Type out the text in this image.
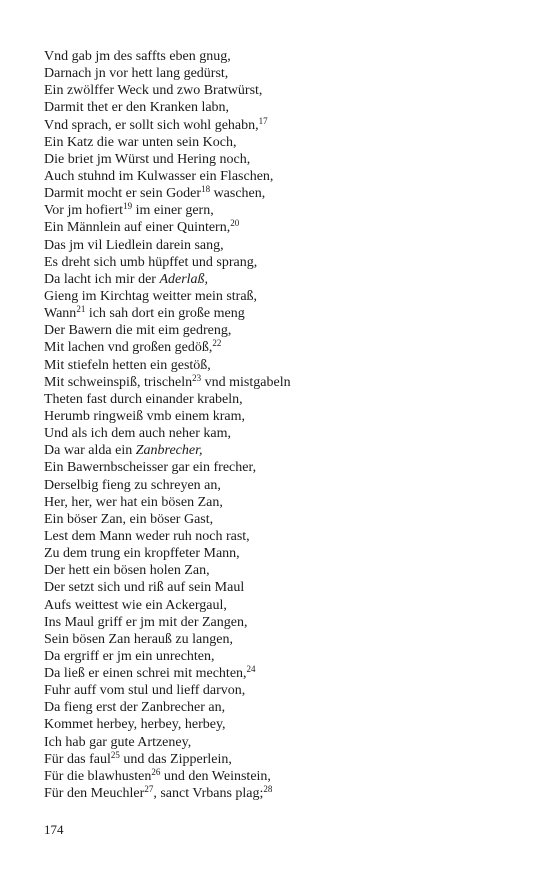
Vnd gab jm des saffts eben gnug,
Darnach jn vor hett lang gedürst,
Ein zwölffer Weck und zwo Bratwürst,
Darmit thet er den Kranken labn,
Vnd sprach, er sollt sich wohl gehabn,$^{17}$
Ein Katz die war unten sein Koch,
Die briet jm Würst und Hering noch,
Auch stuhnd im Kulwasser ein Flaschen,
Darmit mocht er sein Goder$^{18}$ waschen,
Vor jm hofiert$^{19}$ im einer gern,
Ein Männlein auf einer Quintern,$^{20}$
Das jm vil Liedlein darein sang,
Es dreht sich umb hüpffet und sprang,
Da lacht ich mir der Aderlaß,
Gieng im Kirchtag weitter mein straß,
Wann$^{21}$ ich sah dort ein große meng
Der Bawern die mit eim gedreng,
Mit lachen vnd großen gedöß,$^{22}$
Mit stiefeln hetten ein gestöß,
Mit schweinspiß, trischeln$^{23}$ vnd mistgabeln
Theten fast durch einander krabeln,
Herumb ringweiß vmb einem kram,
Und als ich dem auch neher kam,
Da war alda ein Zanbrecher,
Ein Bawernbscheisser gar ein frecher,
Derselbig fieng zu schreyen an,
Her, her, wer hat ein bösen Zan,
Ein böser Zan, ein böser Gast,
Lest dem Mann weder ruh noch rast,
Zu dem trung ein kropffeter Mann,
Der hett ein bösen holen Zan,
Der setzt sich und riß auf sein Maul
Aufs weittest wie ein Ackergaul,
Ins Maul griff er jm mit der Zangen,
Sein bösen Zan herauß zu langen,
Da ergriff er jm ein unrechten,
Da ließ er einen schrei mit mechten,$^{24}$
Fuhr auff vom stul und lieff darvon,
Da fieng erst der Zanbrecher an,
Kommet herbey, herbey, herbey,
Ich hab gar gute Artzeney,
Für das faul$^{25}$ und das Zipperlein,
Für die blawhusten$^{26}$ und den Weinstein,
Für den Meuchler$^{27}$, sanct Vrbans plag;$^{28}$
174
